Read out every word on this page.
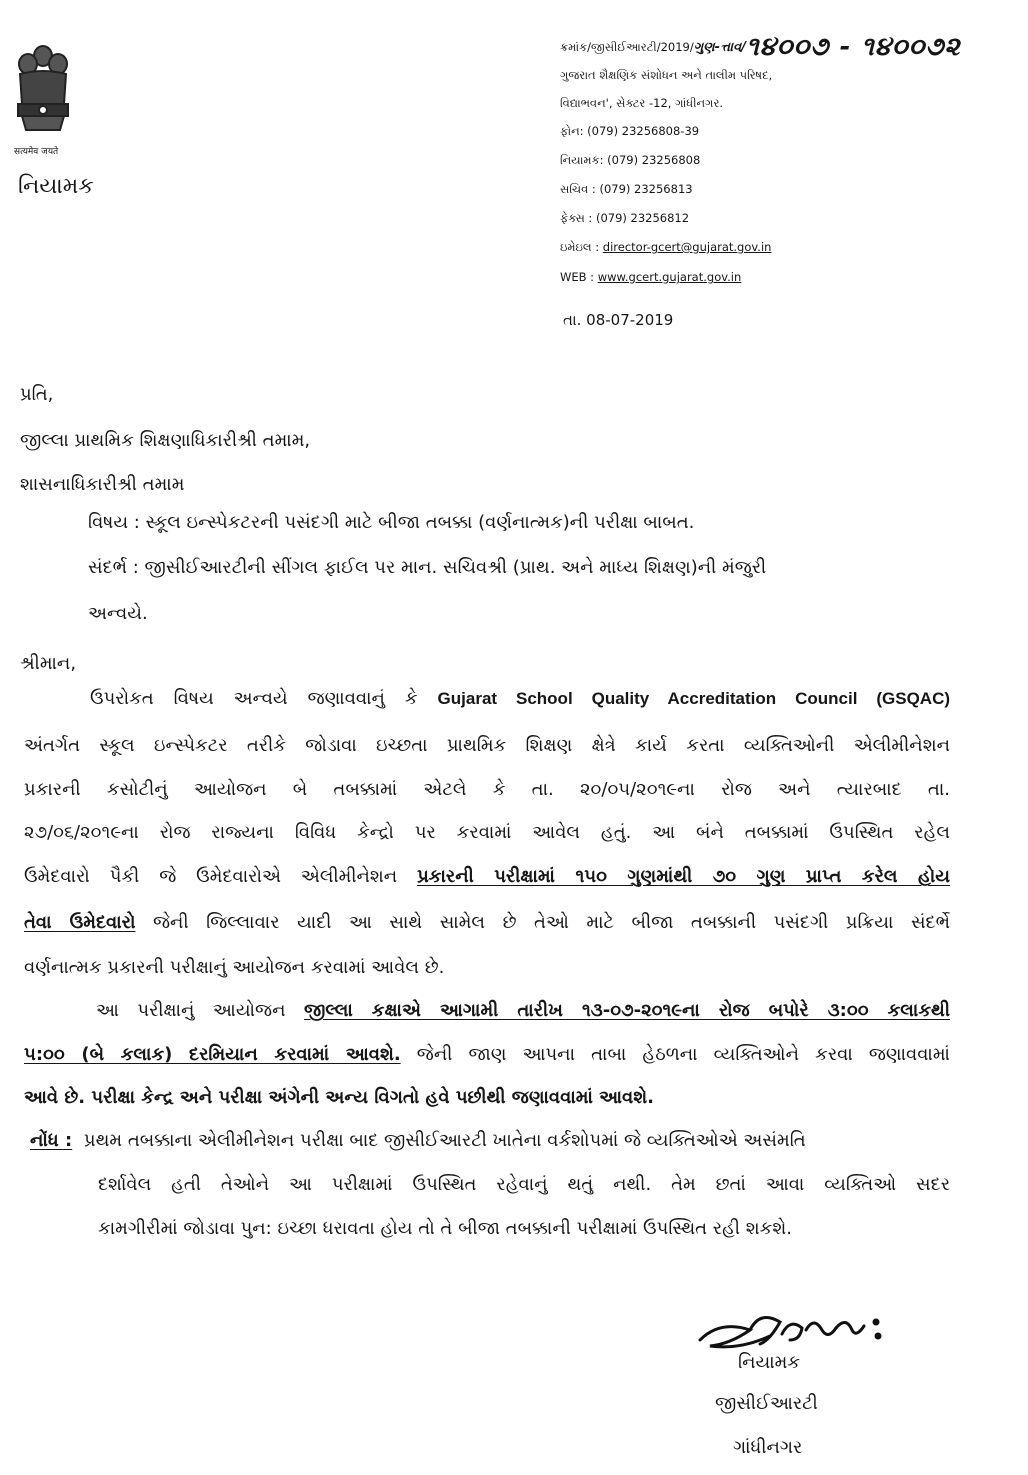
सत्यमेव जयते
નિયામક
ક્રમાંક/જીસીઈઆરટી/2019/ગુણ-ત્તાવ/૧૪૦૦૭ - ૧૪૦૦૭૨
ગુજરાત શૈક્ષણિક સંશોધન અને તાલીમ પરિષદ,
વિદ્યાભવન', સેક્ટર -12, ગાંધીનગર.
ફોન: (079) 23256808-39
નિયામક: (079) 23256808
સચિવ : (079) 23256813
ફેક્સ : (079) 23256812
ઇમેઇલ : director-gcert@gujarat.gov.in
WEB : www.gcert.gujarat.gov.in
તા. 08-07-2019
પ્રતિ,
જીલ્લા પ્રાથમિક શિક્ષણાધિકારીશ્રી તમામ,
શાસનાધિકારીશ્રી તમામ
વિષય : સ્કૂલ ઇન્સ્પેકટરની પસંદગી માટે બીજા તબક્કા (વર્ણનાત્મક)ની પરીક્ષા બાબત.
સંદર્ભ : જીસીઈઆરટીની સીંગલ ફાઈલ પર માન. સચિવશ્રી (પ્રાથ. અને માધ્ય શિક્ષણ)ની મંજુરી
અન્વયે.
શ્રીમાન,
ઉપરોકત વિષય અન્વયે જણાવવાનું કે Gujarat School Quality Accreditation Council (GSQAC)
અંતર્ગત સ્કૂલ ઇન્સ્પેકટર તરીકે જોડાવા ઇચ્છતા પ્રાથમિક શિક્ષણ ક્ષેત્રે કાર્ય કરતા વ્યક્તિઓની એલીમીનેશન
પ્રકારની કસોટીનું આયોજન બે તબક્કામાં એટલે કે તા. ૨૦/૦૫/૨૦૧૯ના રોજ અને ત્યારબાદ તા.
૨૭/૦૬/૨૦૧૯ના રોજ રાજ્યના વિવિધ કેન્દ્રો પર કરવામાં આવેલ હતું. આ બંને તબક્કામાં ઉપસ્થિત રહેલ
ઉમેદવારો પૈકી જે ઉમેદવારોએ એલીમીનેશન પ્રકારની પરીક્ષામાં ૧૫૦ ગુણમાંથી ૭૦ ગુણ પ્રાપ્ત કરેલ હોય
તેવા ઉમેદવારો જેની જિલ્લાવાર યાદી આ સાથે સામેલ છે તેઓ માટે બીજા તબક્કાની પસંદગી પ્રક્રિયા સંદર્ભે
વર્ણનાત્મક પ્રકારની પરીક્ષાનું આયોજન કરવામાં આવેલ છે.
આ પરીક્ષાનું આયોજન જીલ્લા કક્ષાએ આગામી તારીખ ૧૩-૦૭-૨૦૧૯ના રોજ બપોરે ૩:૦૦ કલાકથી
૫:૦૦ (બે કલાક) દરમિયાન કરવામાં આવશે. જેની જાણ આપના તાબા હેઠળના વ્યક્તિઓને કરવા જણાવવામાં
આવે છે. પરીક્ષા કેન્દ્ર અને પરીક્ષા અંગેની અન્ય વિગતો હવે પછીથી જણાવવામાં આવશે.
નોંધ : પ્રથમ તબક્કાના એલીમીનેશન પરીક્ષા બાદ જીસીઈઆરટી ખાતેના વર્કશોપમાં જે વ્યક્તિઓએ અસંમતિ
દર્શાવેલ હતી તેઓને આ પરીક્ષામાં ઉપસ્થિત રહેવાનું થતું નથી. તેમ છતાં આવા વ્યક્તિઓ સદર
કામગીરીમાં જોડાવા પુન: ઇચ્છા ધરાવતા હોય તો તે બીજા તબક્કાની પરીક્ષામાં ઉપસ્થિત રહી શકશે.
નિયામક
જીસીઈઆરટી
ગાંધીનગર
